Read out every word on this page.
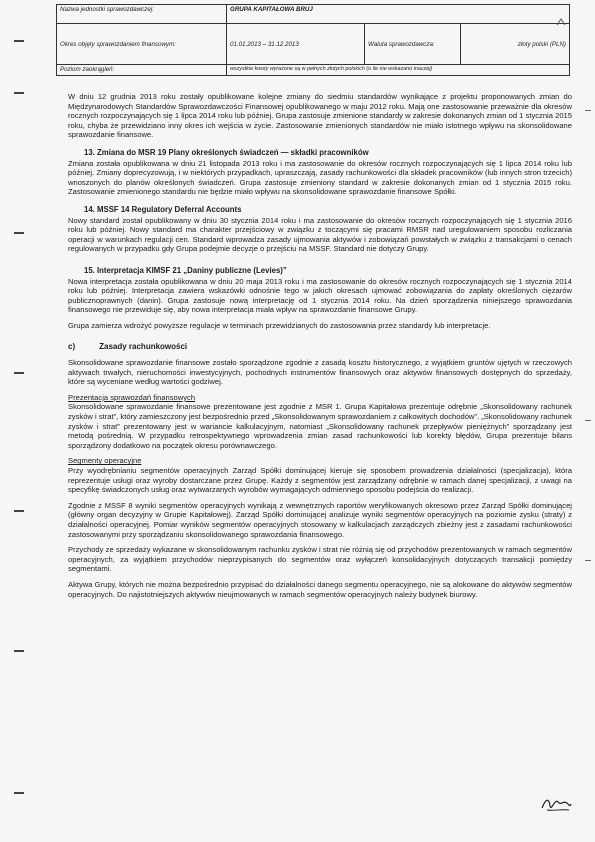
Nazwa jednostki sprawozdawczej:	GRUPA KAPITAŁOWA BRUJ
Okres objęty sprawozdaniem finansowym:	01.01.2013 – 31.12.2013	Waluta sprawozdawcza:	złoty polski (PLN)
Poziom zaokrągleń:	wszystkie kwoty wyrażone są w pełnych złotych polskich (o ile nie wskazano inaczej)

W dniu 12 grudnia 2013 roku zostały opublikowane kolejne zmiany do siedmiu standardów wynikające z projektu proponowanych zmian do Międzynarodowych Standardów Sprawozdawczości Finansowej opublikowanego w maju 2012 roku. Mają one zastosowanie przeważnie dla okresów rocznych rozpoczynających się 1 lipca 2014 roku lub później. Grupa zastosuje zmienione standardy w zakresie dokonanych zmian od 1 stycznia 2015 roku, chyba że przewidziano inny okres ich wejścia w życie. Zastosowanie zmienionych standardów nie miało istotnego wpływu na skonsolidowane sprawozdanie finansowe.

13. Zmiana do MSR 19 Plany określonych świadczeń — składki pracowników

Zmiana została opublikowana w dniu 21 listopada 2013 roku i ma zastosowanie do okresów rocznych rozpoczynających się 1 lipca 2014 roku lub później. Zmiany doprecyzowują, i w niektórych przypadkach, upraszczają, zasady rachunkowości dla składek pracowników (lub innych stron trzecich) wnoszonych do planów określonych świadczeń. Grupa zastosuje zmieniony standard w zakresie dokonanych zmian od 1 stycznia 2015 roku. Zastosowanie zmienionego standardu nie będzie miało wpływu na skonsolidowane sprawozdanie finansowe Spółki.

14. MSSF 14 Regulatory Deferral Accounts

Nowy standard został opublikowany w dniu 30 stycznia 2014 roku i ma zastosowanie do okresów rocznych rozpoczynających się 1 stycznia 2016 roku lub później. Nowy standard ma charakter przejściowy w związku z toczącymi się pracami RMSR nad uregulowaniem sposobu rozliczania operacji w warunkach regulacji cen. Standard wprowadza zasady ujmowania aktywów i zobowiązań powstałych w związku z transakcjami o cenach regulowanych w przypadku gdy Grupa podejmie decyzje o przejściu na MSSF. Standard nie dotyczy Grupy.

15. Interpretacja KIMSF 21 „Daniny publiczne (Levies)”

Nowa interpretacja została opublikowana w dniu 20 maja 2013 roku i ma zastosowanie do okresów rocznych rozpoczynających się 1 stycznia 2014 roku lub później. Interpretacja zawiera wskazówki odnośnie tego w jakich okresach ujmować zobowiązania do zapłaty określonych ciężarów publicznoprawnych (danin). Grupa zastosuje nową interpretację od 1 stycznia 2014 roku. Na dzień sporządzenia niniejszego sprawozdania finansowego nie przewiduje się, aby nowa interpretacja miała wpływ na sprawozdanie finansowe Grupy.

Grupa zamierza wdrożyć powyższe regulacje w terminach przewidzianych do zastosowania przez standardy lub interpretacje.

c)	Zasady rachunkowości

Skonsolidowane sprawozdanie finansowe zostało sporządzone zgodnie z zasadą kosztu historycznego, z wyjątkiem gruntów ujętych w rzeczowych aktywach trwałych, nieruchomości inwestycyjnych, pochodnych instrumentów finansowych oraz aktywów finansowych dostępnych do sprzedaży, które są wyceniane według wartości godziwej.

Prezentacja sprawozdań finansowych

Skonsolidowane sprawozdanie finansowe prezentowane jest zgodnie z MSR 1. Grupa Kapitałowa prezentuje odrębnie „Skonsolidowany rachunek zysków i strat”, który zamieszczony jest bezpośrednio przed „Skonsolidowanym sprawozdaniem z całkowitych dochodów”. „Skonsolidowany rachunek zysków i strat” prezentowany jest w wariancie kalkulacyjnym, natomiast „Skonsolidowany rachunek przepływów pieniężnych” sporządzany jest metodą pośrednią. W przypadku retrospektywnego wprowadzenia zmian zasad rachunkowości lub korekty błędów, Grupa prezentuje bilans sporządzony dodatkowo na początek okresu porównawczego.

Segmenty operacyjne

Przy wyodrębnianiu segmentów operacyjnych Zarząd Spółki dominującej kieruje się sposobem prowadzenia działalności (specjalizacja), która reprezentuje usługi oraz wyroby dostarczane przez Grupę. Każdy z segmentów jest zarządzany odrębnie w ramach danej specjalizacji, z uwagi na specyfikę świadczonych usług oraz wytwarzanych wyrobów wymagających odmiennego sposobu podejścia do realizacji.

Zgodnie z MSSF 8 wyniki segmentów operacyjnych wynikają z wewnętrznych raportów weryfikowanych okresowo przez Zarząd Spółki dominującej (główny organ decyzyjny w Grupie Kapitałowej). Zarząd Spółki dominującej analizuje wyniki segmentów operacyjnych na poziomie zysku (straty) z działalności operacyjnej. Pomiar wyników segmentów operacyjnych stosowany w kalkulacjach zarządczych zbieżny jest z zasadami rachunkowości zastosowanymi przy sporządzaniu skonsolidowanego sprawozdania finansowego.

Przychody ze sprzedaży wykazane w skonsolidowanym rachunku zysków i strat nie różnią się od przychodów prezentowanych w ramach segmentów operacyjnych, za wyjątkiem przychodów nieprzypisanych do segmentów oraz wyłączeń konsolidacyjnych dotyczących transakcji pomiędzy segmentami.

Aktywa Grupy, których nie można bezpośrednio przypisać do działalności danego segmentu operacyjnego, nie są alokowane do aktywów segmentów operacyjnych. Do najistotniejszych aktywów nieujmowanych w ramach segmentów operacyjnych należy budynek biurowy.
